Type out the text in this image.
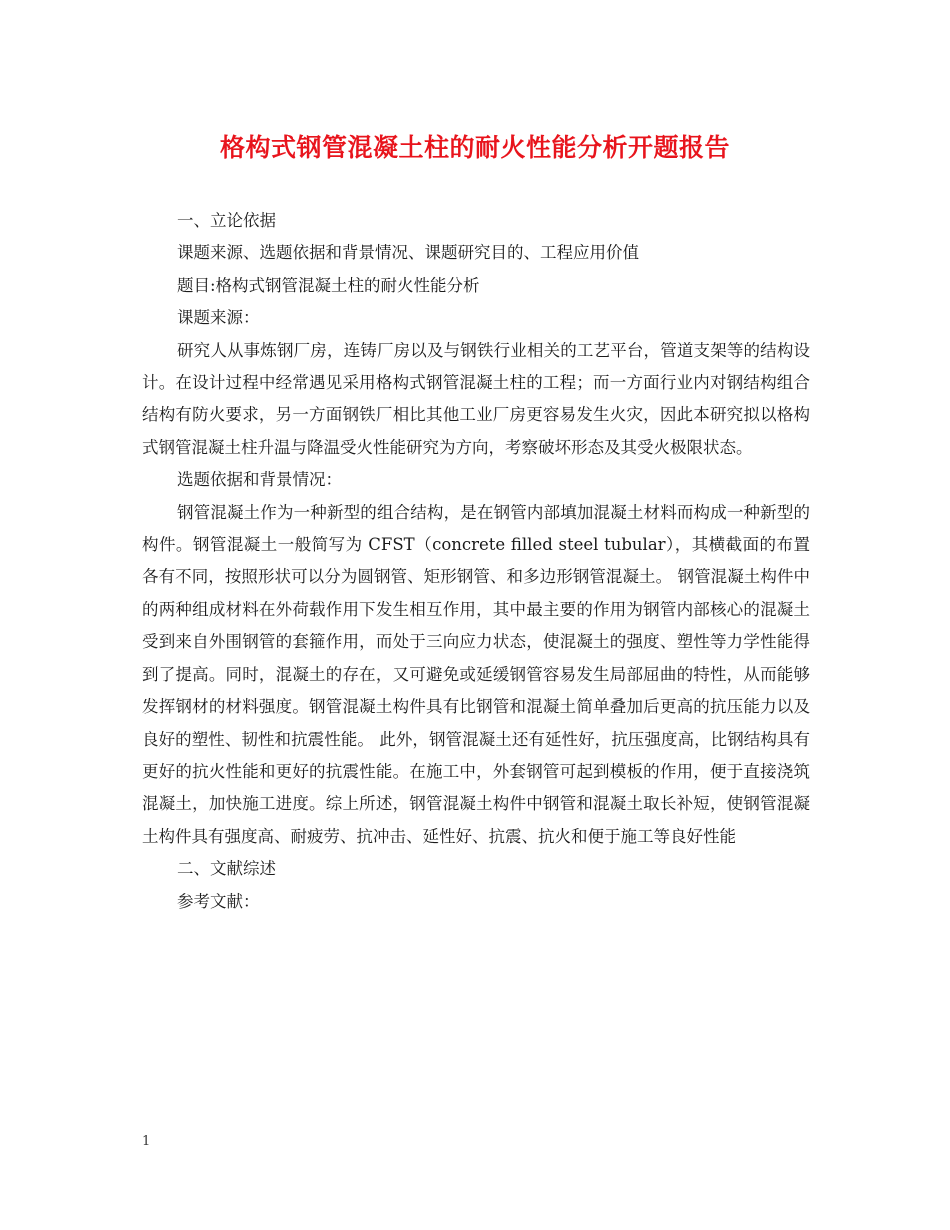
格构式钢管混凝土柱的耐火性能分析开题报告

一、立论依据

课题来源、选题依据和背景情况、课题研究目的、工程应用价值

题目:格构式钢管混凝土柱的耐火性能分析

课题来源：

研究人从事炼钢厂房，连铸厂房以及与钢铁行业相关的工艺平台，管道支架等的结构设计。在设计过程中经常遇见采用格构式钢管混凝土柱的工程；而一方面行业内对钢结构组合结构有防火要求，另一方面钢铁厂相比其他工业厂房更容易发生火灾，因此本研究拟以格构式钢管混凝土柱升温与降温受火性能研究为方向，考察破坏形态及其受火极限状态。

选题依据和背景情况：

钢管混凝土作为一种新型的组合结构，是在钢管内部填加混凝土材料而构成一种新型的构件。钢管混凝土一般简写为 CFST（concrete filled steel tubular），其横截面的布置各有不同，按照形状可以分为圆钢管、矩形钢管、和多边形钢管混凝土。 钢管混凝土构件中的两种组成材料在外荷载作用下发生相互作用，其中最主要的作用为钢管内部核心的混凝土受到来自外围钢管的套箍作用，而处于三向应力状态，使混凝土的强度、塑性等力学性能得到了提高。同时，混凝土的存在，又可避免或延缓钢管容易发生局部屈曲的特性，从而能够发挥钢材的材料强度。钢管混凝土构件具有比钢管和混凝土简单叠加后更高的抗压能力以及良好的塑性、韧性和抗震性能。 此外，钢管混凝土还有延性好，抗压强度高，比钢结构具有更好的抗火性能和更好的抗震性能。在施工中，外套钢管可起到模板的作用，便于直接浇筑混凝土，加快施工进度。综上所述，钢管混凝土构件中钢管和混凝土取长补短，使钢管混凝土构件具有强度高、耐疲劳、抗冲击、延性好、抗震、抗火和便于施工等良好性能

二、文献综述

参考文献：

1
